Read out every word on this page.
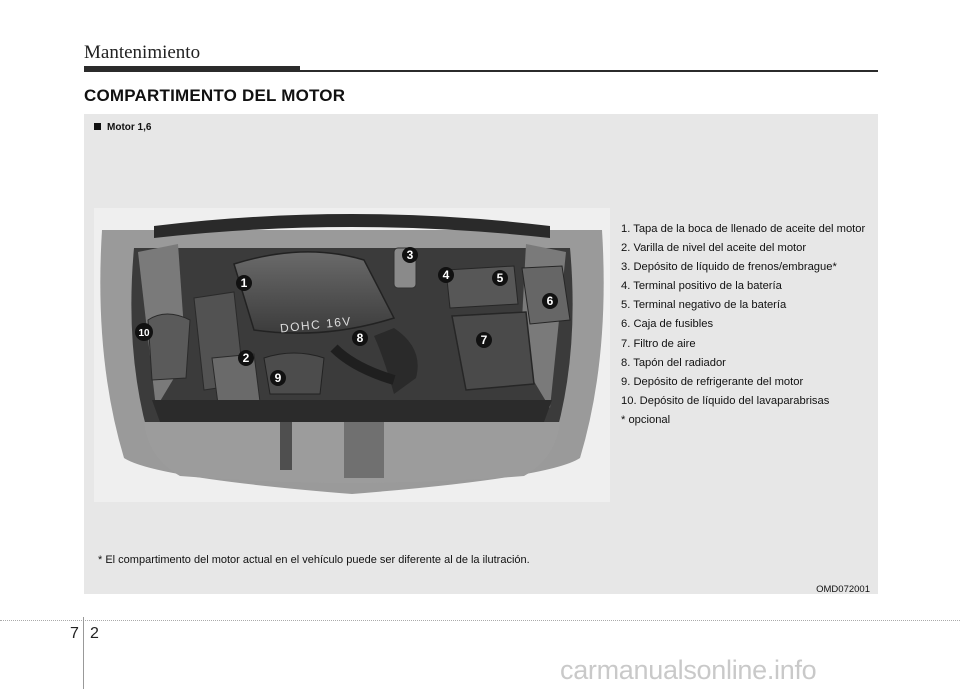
Mantenimiento
COMPARTIMENTO DEL MOTOR
Motor 1,6
DOHC 16V
1
2
3
4	5
6
7
8
9
10
1. Tapa de la boca de llenado de aceite del motor
2. Varilla de nivel del aceite del motor
3. Depósito de líquido de frenos/embrague*
4. Terminal positivo de la batería
5. Terminal negativo de la batería
6. Caja de fusibles
7. Filtro de aire
8. Tapón del radiador
9. Depósito de refrigerante del motor
10. Depósito de líquido del lavaparabrisas
* opcional
* El compartimento del motor actual en el vehículo puede ser diferente al de la ilutración.
OMD072001
7 2
carmanualsonline.info
